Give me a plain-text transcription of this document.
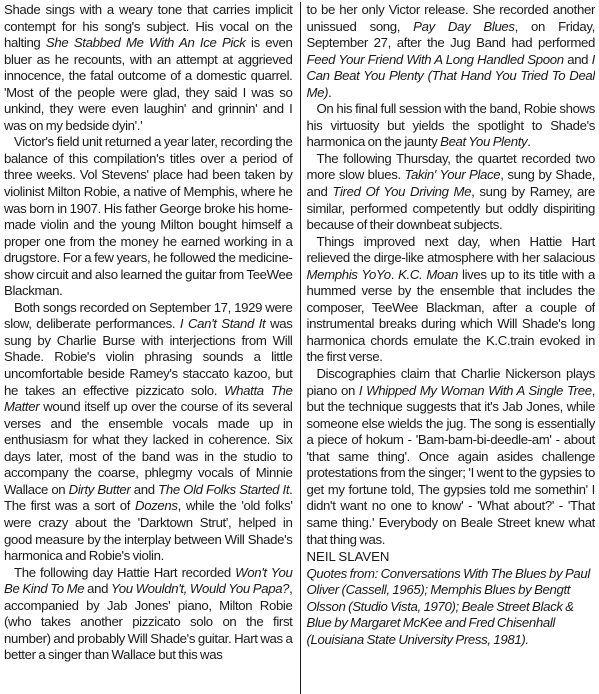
Shade sings with a weary tone that carries implicit contempt for his song's subject. His vocal on the halting She Stabbed Me With An Ice Pick is even bluer as he recounts, with an attempt at aggrieved innocence, the fatal outcome of a domestic quarrel. 'Most of the people were glad, they said I was so unkind, they were even laughin' and grinnin' and I was on my bedside dyin'.'

Victor's field unit returned a year later, recording the balance of this compilation's titles over a period of three weeks. Vol Stevens' place had been taken by violinist Milton Robie, a native of Memphis, where he was born in 1907. His father George broke his home-made violin and the young Milton bought himself a proper one from the money he earned working in a drugstore. For a few years, he followed the medicine-show circuit and also learned the guitar from TeeWee Blackman.

Both songs recorded on September 17, 1929 were slow, deliberate performances. I Can't Stand It was sung by Charlie Burse with interjections from Will Shade. Robie's violin phrasing sounds a little uncomfortable beside Ramey's staccato kazoo, but he takes an effective pizzicato solo. Whatta The Matter wound itself up over the course of its several verses and the ensemble vocals made up in enthusiasm for what they lacked in coherence. Six days later, most of the band was in the studio to accompany the coarse, phlegmy vocals of Minnie Wallace on Dirty Butter and The Old Folks Started It. The first was a sort of Dozens, while the 'old folks' were crazy about the 'Darktown Strut', helped in good measure by the interplay between Will Shade's harmonica and Robie's violin.

The following day Hattie Hart recorded Won't You Be Kind To Me and You Wouldn't, Would You Papa?, accompanied by Jab Jones' piano, Milton Robie (who takes another pizzicato solo on the first number) and probably Will Shade's guitar. Hart was a better a singer than Wallace but this was

to be her only Victor release. She recorded another unissued song, Pay Day Blues, on Friday, September 27, after the Jug Band had performed Feed Your Friend With A Long Handled Spoon and I Can Beat You Plenty (That Hand You Tried To Deal Me).

On his final full session with the band, Robie shows his virtuosity but yields the spotlight to Shade's harmonica on the jaunty Beat You Plenty.

The following Thursday, the quartet recorded two more slow blues. Takin' Your Place, sung by Shade, and Tired Of You Driving Me, sung by Ramey, are similar, performed competently but oddly dispiriting because of their downbeat subjects.

Things improved next day, when Hattie Hart relieved the dirge-like atmosphere with her salacious Memphis YoYo. K.C. Moan lives up to its title with a hummed verse by the ensemble that includes the composer, TeeWee Blackman, after a couple of instrumental breaks during which Will Shade's long harmonica chords emulate the K.C.train evoked in the first verse.

Discographies claim that Charlie Nickerson plays piano on I Whipped My Woman With A Single Tree, but the technique suggests that it's Jab Jones, while someone else wields the jug. The song is essentially a piece of hokum - 'Bam-bam-bi-deedle-am' - about 'that same thing'. Once again asides challenge protestations from the singer; 'I went to the gypsies to get my fortune told, The gypsies told me somethin' I didn't want no one to know' - 'What about?' - 'That same thing.' Everybody on Beale Street knew what that thing was.

NEIL SLAVEN

Quotes from: Conversations With The Blues by Paul Oliver (Cassell, 1965); Memphis Blues by Bengtt Olsson (Studio Vista, 1970); Beale Street Black & Blue by Margaret McKee and Fred Chisenhall (Louisiana State University Press, 1981).
